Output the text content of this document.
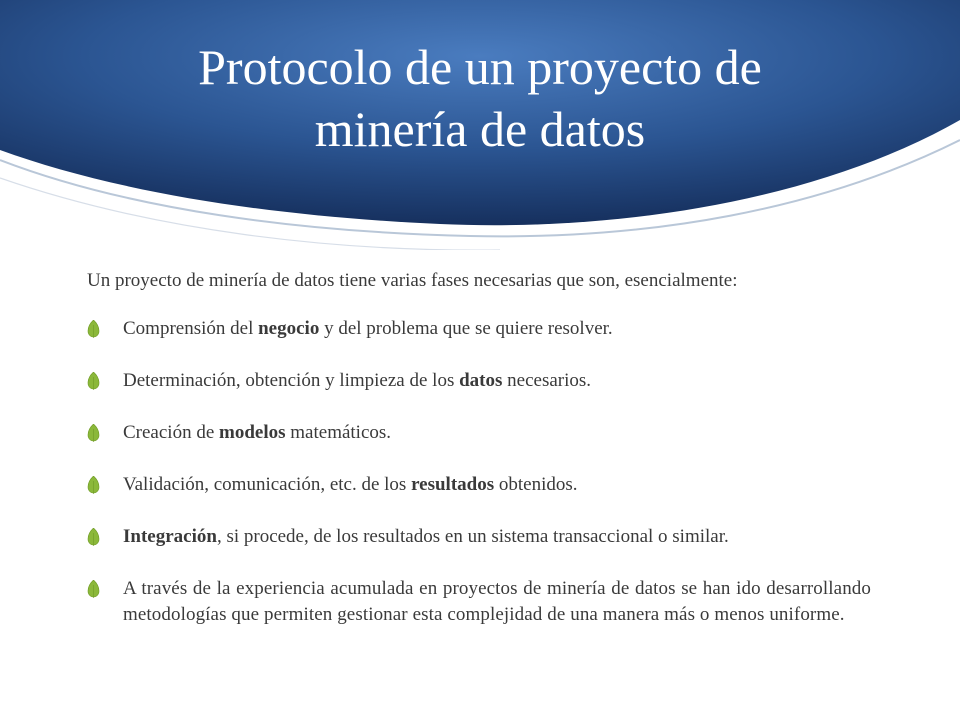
Protocolo de un proyecto de
minería de datos

Un proyecto de minería de datos tiene varias fases necesarias que son, esencialmente:

Comprensión del negocio y del problema que se quiere resolver.
Determinación, obtención y limpieza de los datos necesarios.
Creación de modelos matemáticos.
Validación, comunicación, etc. de los resultados obtenidos.
Integración, si procede, de los resultados en un sistema transaccional o similar.
A través de la experiencia acumulada en proyectos de minería de datos se han ido desarrollando metodologías que permiten gestionar esta complejidad de una manera más o menos uniforme.
